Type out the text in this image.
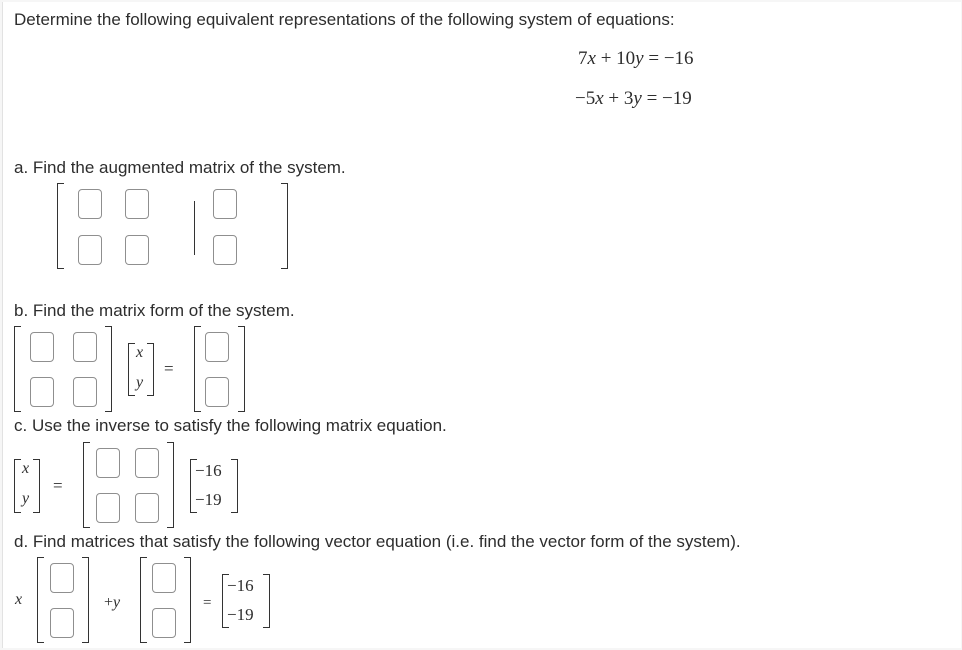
Determine the following equivalent representations of the following system of equations:
7x + 10y = −16
−5x + 3y = −19
a. Find the augmented matrix of the system.
b. Find the matrix form of the system.
x
y
=
c. Use the inverse to satisfy the following matrix equation.
x
y
=
−16
−19
d. Find matrices that satisfy the following vector equation (i.e. find the vector form of the system).
x	+y	=
−16
−19
